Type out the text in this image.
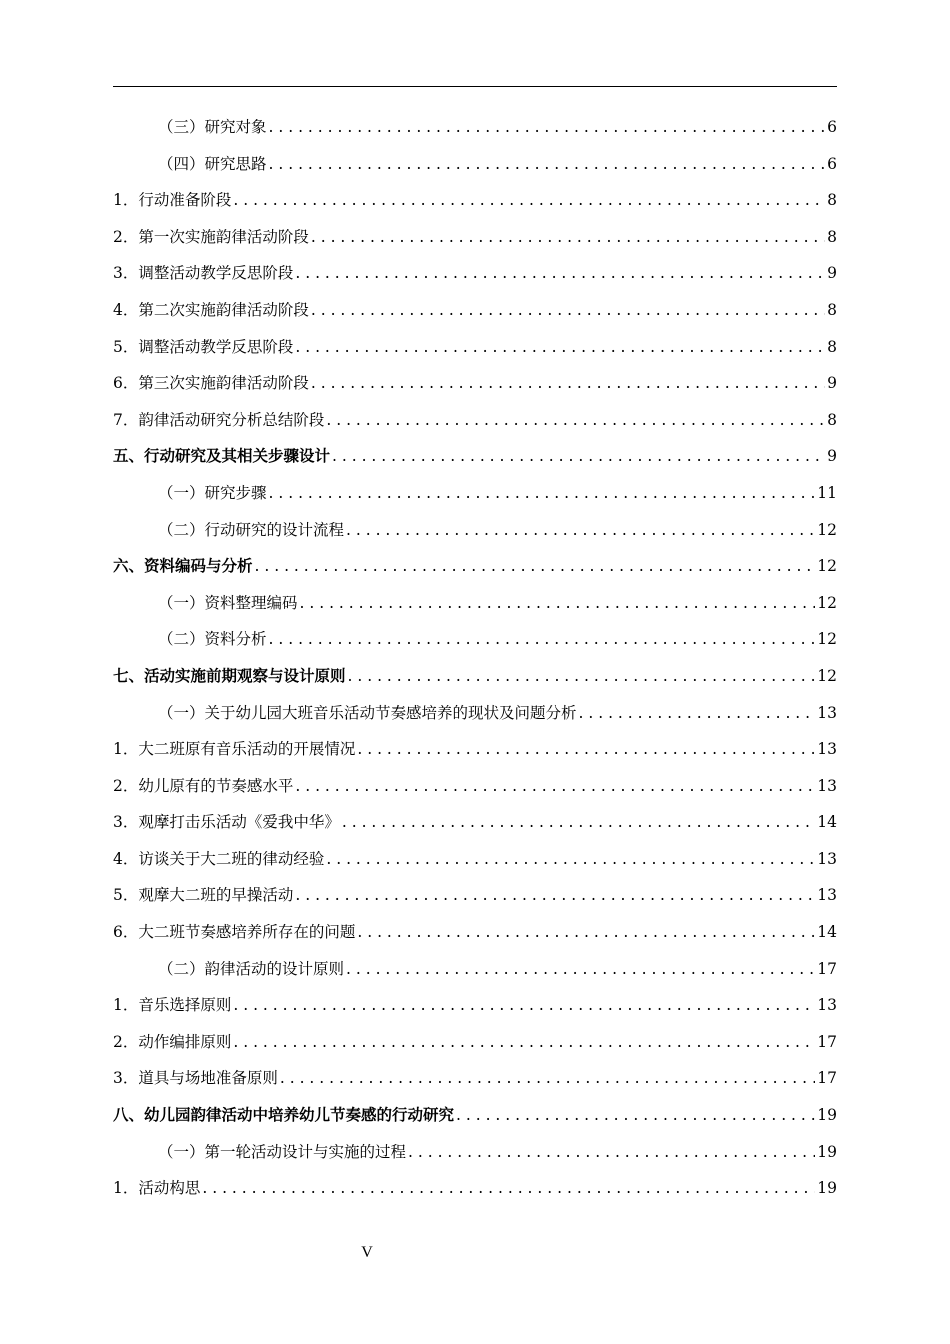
（三）研究对象 . . .	6
（四）研究思路 . . .	6
1．行动准备阶段 . . .	8
2．第一次实施韵律活动阶段 . . .	8
3．调整活动教学反思阶段 . . .	9
4．第二次实施韵律活动阶段 . . .	8
5．调整活动教学反思阶段 . . .	8
6．第三次实施韵律活动阶段 . . .	9
7．韵律活动研究分析总结阶段 . . .	8
五、行动研究及其相关步骤设计 . . .	9
（一）研究步骤 . . .	11
（二）行动研究的设计流程 . . .	12
六、资料编码与分析 . . .	12
（一）资料整理编码 . . .	12
（二）资料分析 . . .	12
七、活动实施前期观察与设计原则 . . .	12
（一）关于幼儿园大班音乐活动节奏感培养的现状及问题分析 . . .	13
1．大二班原有音乐活动的开展情况 . . .	13
2．幼儿原有的节奏感水平 . . .	13
3．观摩打击乐活动《爱我中华》 . . .	14
4．访谈关于大二班的律动经验 . . .	13
5．观摩大二班的早操活动 . . .	13
6．大二班节奏感培养所存在的问题 . . .	14
（二）韵律活动的设计原则 . . .	17
1．音乐选择原则 . . .	13
2．动作编排原则 . . .	17
3．道具与场地准备原则 . . .	17
八、幼儿园韵律活动中培养幼儿节奏感的行动研究 . . .	19
（一）第一轮活动设计与实施的过程 . . .	19
1．活动构思 . . .	19
V
